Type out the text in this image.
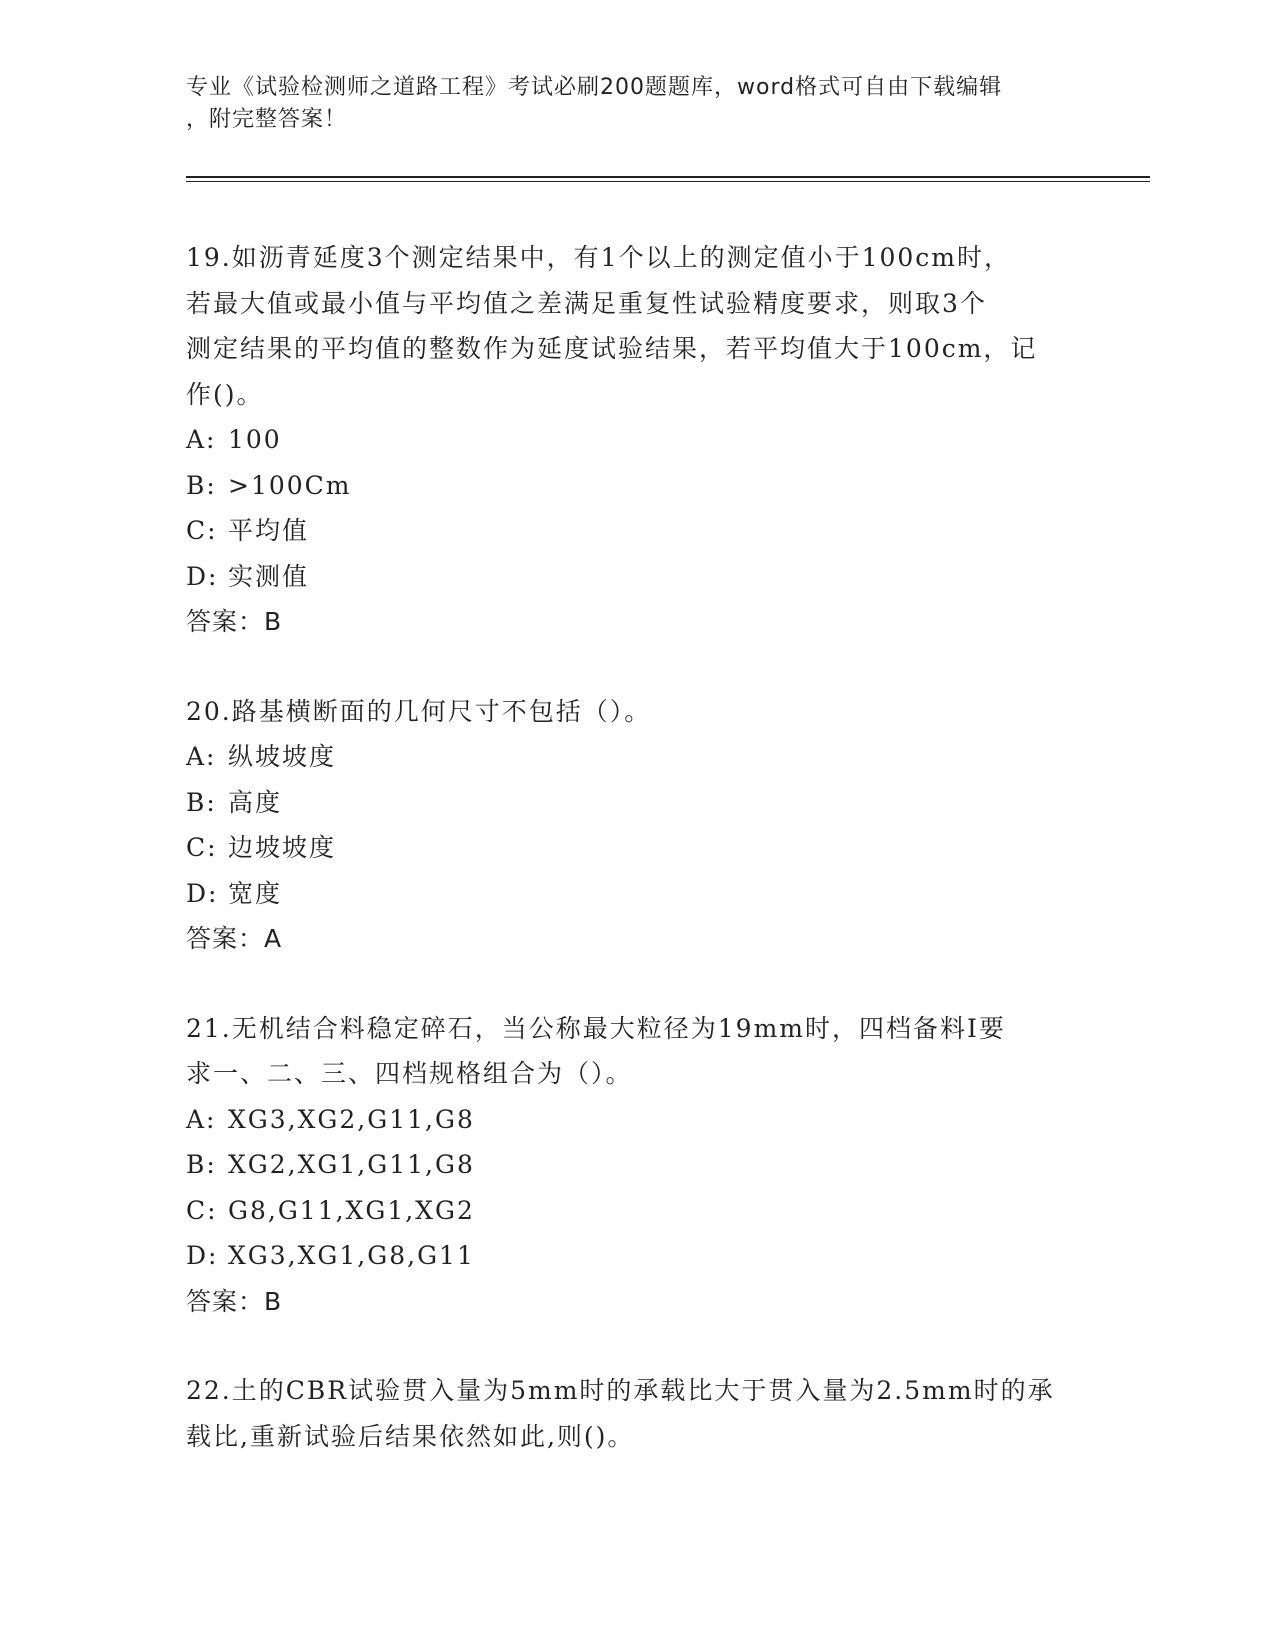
专业《试验检测师之道路工程》考试必刷200题题库，word格式可自由下载编辑
，附完整答案！
19.如沥青延度3个测定结果中，有1个以上的测定值小于100cm时，
若最大值或最小值与平均值之差满足重复性试验精度要求，则取3个
测定结果的平均值的整数作为延度试验结果，若平均值大于100cm，记
作()。
A: 100
B: >100Cm
C: 平均值
D: 实测值
答案：B
20.路基横断面的几何尺寸不包括（）。
A: 纵坡坡度
B: 高度
C: 边坡坡度
D: 宽度
答案：A
21.无机结合料稳定碎石，当公称最大粒径为19mm时，四档备料I要
求一、二、三、四档规格组合为（）。
A: XG3,XG2,G11,G8
B: XG2,XG1,G11,G8
C: G8,G11,XG1,XG2
D: XG3,XG1,G8,G11
答案：B
22.土的CBR试验贯入量为5mm时的承载比大于贯入量为2.5mm时的承
载比,重新试验后结果依然如此,则()。
